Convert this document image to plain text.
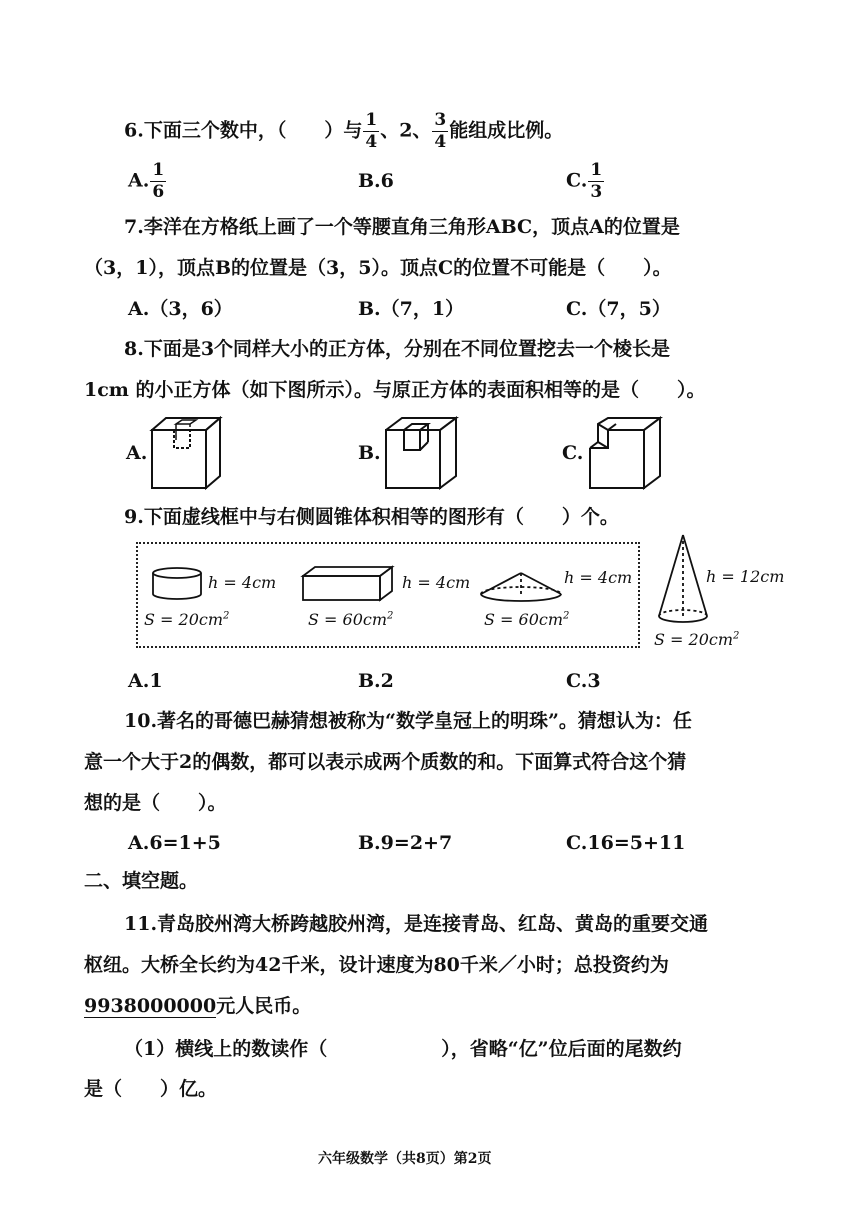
6.下面三个数中，（　　）与 $\frac{1}{4}$ 、2、 $\frac{3}{4}$ 能组成比例。
A. $\frac{1}{6}$	B.6	C. $\frac{1}{3}$
7.李洋在方格纸上画了一个等腰直角三角形ABC，顶点A的位置是
（3，1），顶点B的位置是（3，5）。顶点C的位置不可能是（　　）。
A.（3，6）	B.（7，1）	C.（7，5）
8.下面是3个同样大小的正方体，分别在不同位置挖去一个棱长是
1cm 的小正方体（如下图所示）。与原正方体的表面积相等的是（　　）。
A.	B.	C.
9.下面虚线框中与右侧圆锥体积相等的图形有（　　）个。
h = 4cm
$S = 20cm^2$
h = 4cm
$S = 60cm^2$
h = 4cm
$S = 60cm^2$
h = 12cm
$S = 20cm^2$
A.1	B.2	C.3
10.著名的哥德巴赫猜想被称为“数学皇冠上的明珠”。猜想认为：任
意一个大于2的偶数，都可以表示成两个质数的和。下面算式符合这个猜
想的是（　　）。
A.6=1+5	B.9=2+7	C.16=5+11
二、填空题。
11.青岛胶州湾大桥跨越胶州湾，是连接青岛、红岛、黄岛的重要交通
枢纽。大桥全长约为42千米，设计速度为80千米／小时；总投资约为
9938000000元人民币。
（1）横线上的数读作（　　　　　　），省略“亿”位后面的尾数约
是（　　）亿。
六年级数学（共8页）第2页
